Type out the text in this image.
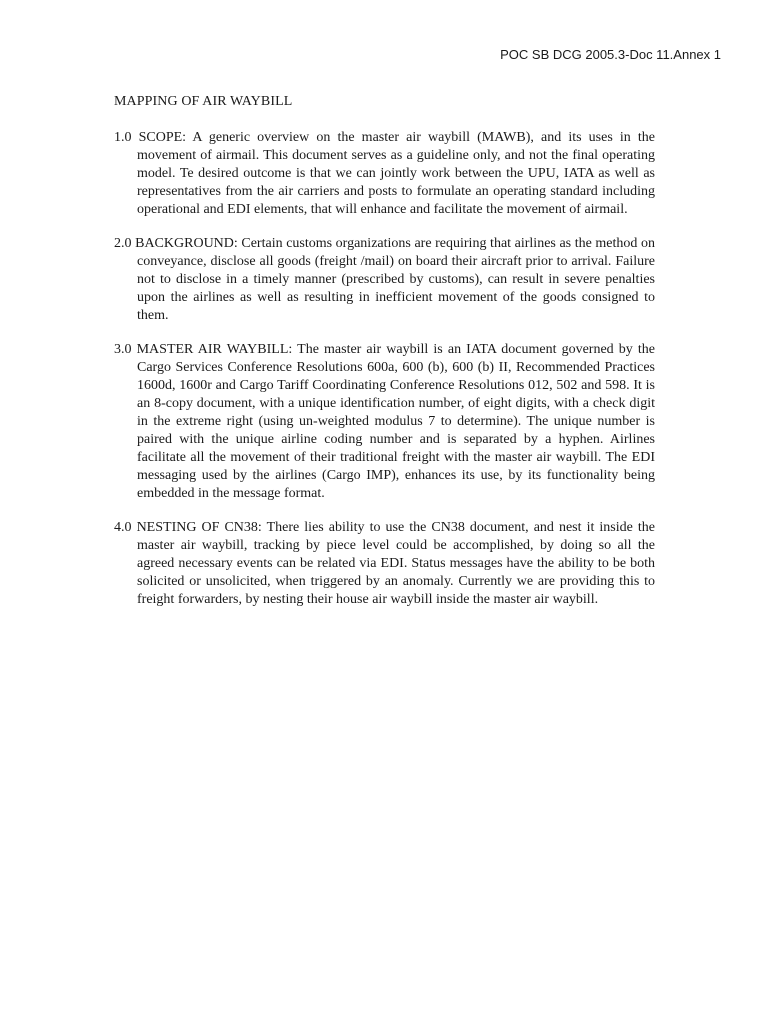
POC SB DCG 2005.3-Doc 11.Annex 1
MAPPING OF AIR WAYBILL

1.0 SCOPE: A generic overview on the master air waybill (MAWB), and its uses in the movement of airmail. This document serves as a guideline only, and not the final operating model. Te desired outcome is that we can jointly work between the UPU, IATA as well as representatives from the air carriers and posts to formulate an operating standard including operational and EDI elements, that will enhance and facilitate the movement of airmail.

2.0 BACKGROUND: Certain customs organizations are requiring that airlines as the method on conveyance, disclose all goods (freight /mail) on board their aircraft prior to arrival. Failure not to disclose in a timely manner (prescribed by customs), can result in severe penalties upon the airlines as well as resulting in inefficient movement of the goods consigned to them.

3.0 MASTER AIR WAYBILL: The master air waybill is an IATA document governed by the Cargo Services Conference Resolutions 600a, 600 (b), 600 (b) II, Recommended Practices 1600d, 1600r and Cargo Tariff Coordinating Conference Resolutions 012, 502 and 598. It is an 8-copy document, with a unique identification number, of eight digits, with a check digit in the extreme right (using un-weighted modulus 7 to determine). The unique number is paired with the unique airline coding number and is separated by a hyphen. Airlines facilitate all the movement of their traditional freight with the master air waybill. The EDI messaging used by the airlines (Cargo IMP), enhances its use, by its functionality being embedded in the message format.

4.0 NESTING OF CN38: There lies ability to use the CN38 document, and nest it inside the master air waybill, tracking by piece level could be accomplished, by doing so all the agreed necessary events can be related via EDI. Status messages have the ability to be both solicited or unsolicited, when triggered by an anomaly. Currently we are providing this to freight forwarders, by nesting their house air waybill inside the master air waybill.
